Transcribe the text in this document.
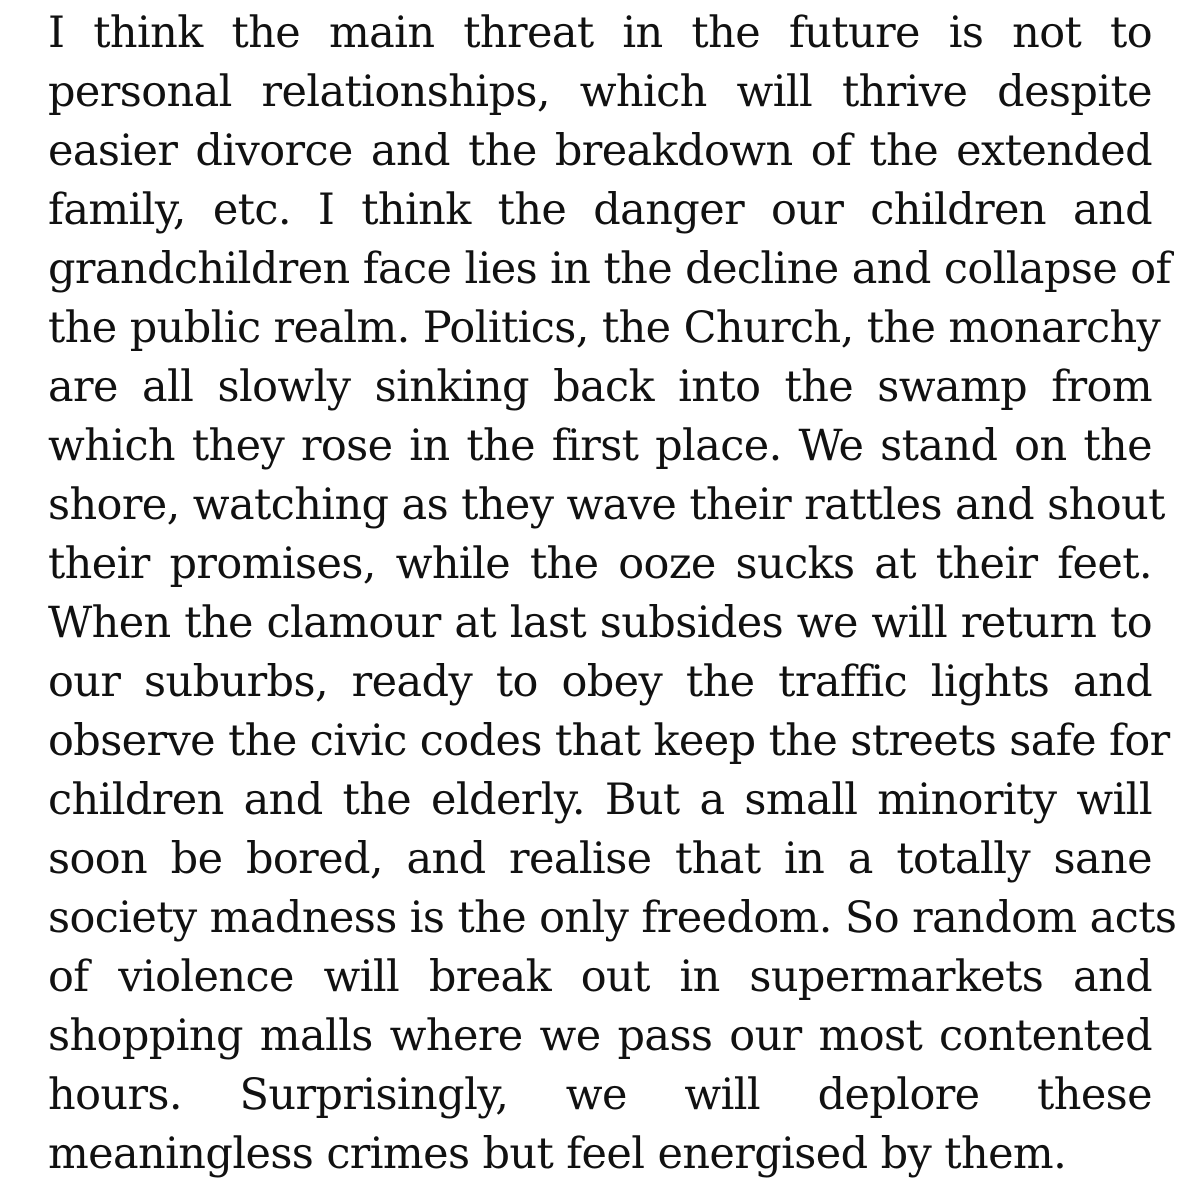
I think the main threat in the future is not to
personal relationships, which will thrive despite
easier divorce and the breakdown of the extended
family, etc. I think the danger our children and
grandchildren face lies in the decline and collapse of
the public realm. Politics, the Church, the monarchy
are all slowly sinking back into the swamp from
which they rose in the first place. We stand on the
shore, watching as they wave their rattles and shout
their promises, while the ooze sucks at their feet.
When the clamour at last subsides we will return to
our suburbs, ready to obey the traffic lights and
observe the civic codes that keep the streets safe for
children and the elderly. But a small minority will
soon be bored, and realise that in a totally sane
society madness is the only freedom. So random acts
of violence will break out in supermarkets and
shopping malls where we pass our most contented
hours. Surprisingly, we will deplore these
meaningless crimes but feel energised by them.
